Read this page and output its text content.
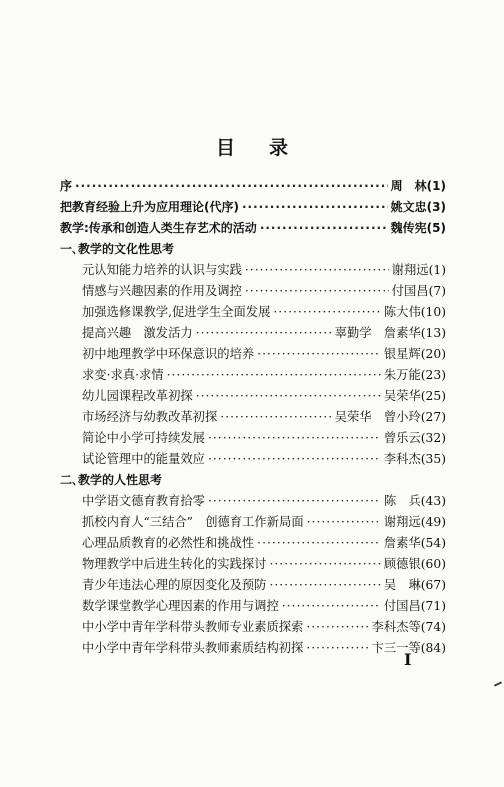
目 录
序 ·····	周　林 (1)
把教育经验上升为应用理论(代序) ·····	姚文忠 (3)
教学:传承和创造人类生存艺术的活动 ·····	魏传宪 (5)
一､教学的文化性思考
元认知能力培养的认识与实践 ·····	谢翔远 (1)
情感与兴趣因素的作用及调控 ·····	付国昌 (7)
加强选修课教学,促进学生全面发展 ·····	陈大伟 (10)
提高兴趣　激发活力 ·····	辜勤学　詹素华 (13)
初中地理教学中环保意识的培养 ·····	银星辉 (20)
求变·求真·求情 ·····	朱万能 (23)
幼儿园课程改革初探 ·····	吴荣华 (25)
市场经济与幼教改革初探 ·····	吴荣华　曾小玲 (27)
简论中小学可持续发展 ·····	曾乐云 (32)
试论管理中的能量效应 ·····	李科杰 (35)
二､教学的人性思考
中学语文德育教育拾零 ·····	陈　兵 (43)
抓校内育人“三结合”　创德育工作新局面 ·····	谢翔远 (49)
心理品质教育的必然性和挑战性 ·····	詹素华 (54)
物理教学中后进生转化的实践探讨 ·····	顾德银 (60)
青少年违法心理的原因变化及预防 ·····	吴　琳 (67)
数学课堂教学心理因素的作用与调控 ·····	付国昌 (71)
中小学中青年学科带头教师专业素质探索 ·····	李科杰等 (74)
中小学中青年学科带头教师素质结构初探 ·····	卞三一等 (84)
I
